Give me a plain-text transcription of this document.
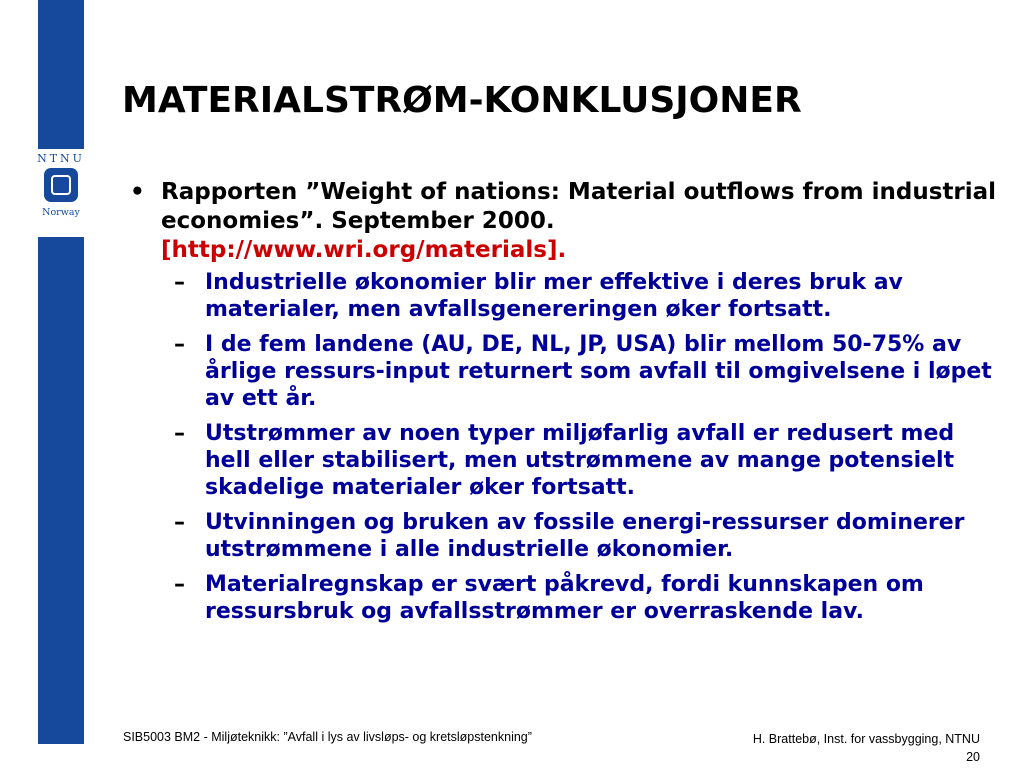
NTNU
Norway
MATERIALSTRØM-KONKLUSJONER
• Rapporten ”Weight of nations: Material outflows from industrial economies”. September 2000.
[http://www.wri.org/materials].
– Industrielle økonomier blir mer effektive i deres bruk av materialer, men avfallsgenereringen øker fortsatt.
– I de fem landene (AU, DE, NL, JP, USA) blir mellom 50-75% av årlige ressurs-input returnert som avfall til omgivelsene i løpet av ett år.
– Utstrømmer av noen typer miljøfarlig avfall er redusert med hell eller stabilisert, men utstrømmene av mange potensielt skadelige materialer øker fortsatt.
– Utvinningen og bruken av fossile energi-ressurser dominerer utstrømmene i alle industrielle økonomier.
– Materialregnskap er svært påkrevd, fordi kunnskapen om ressursbruk og avfallsstrømmer er overraskende lav.
SIB5003 BM2 - Miljøteknikk: ”Avfall i lys av livsløps- og kretsløpstenkning”	H. Brattebø, Inst. for vassbygging, NTNU
20
